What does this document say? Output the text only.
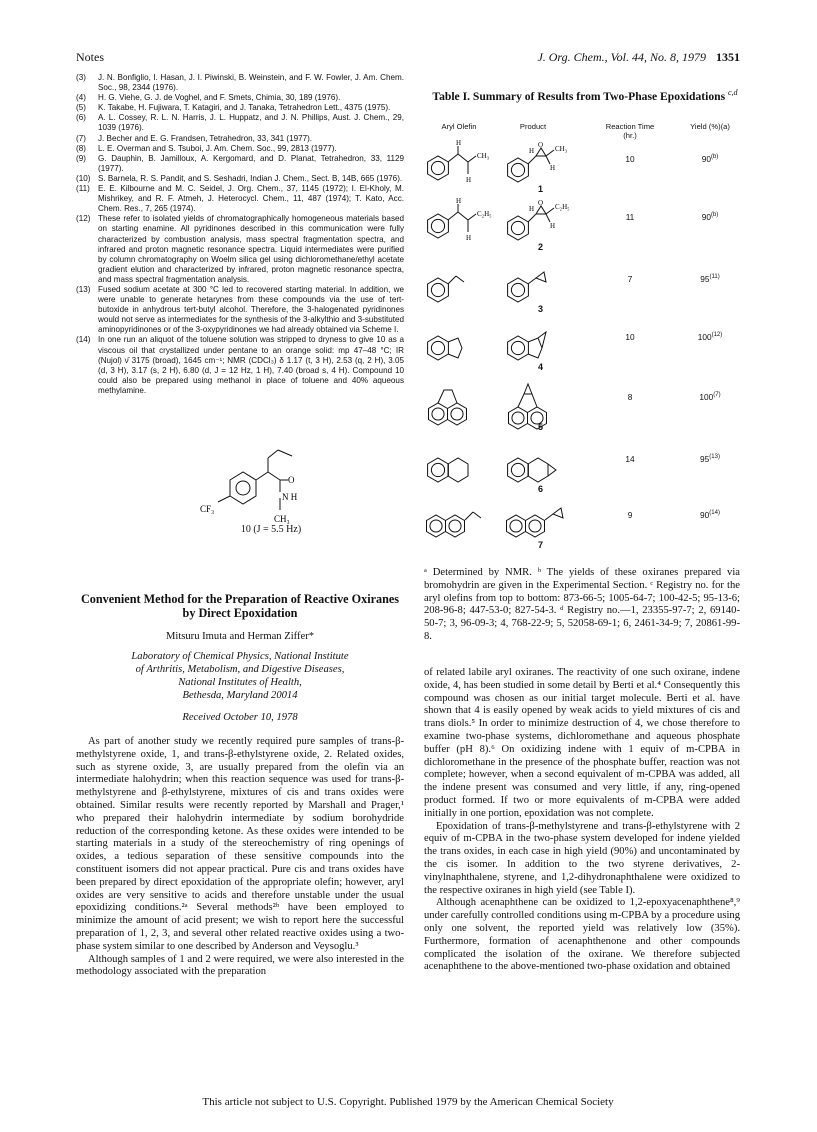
Notes	J. Org. Chem., Vol. 44, No. 8, 1979 1351
(3)	J. N. Bonfiglio, I. Hasan, J. I. Piwinski, B. Weinstein, and F. W. Fowler, J. Am. Chem. Soc., 98, 2344 (1976).
(4)	H. G. Viehe, G. J. de Voghel, and F. Smets, Chimia, 30, 189 (1976).
(5)	K. Takabe, H. Fujiwara, T. Katagiri, and J. Tanaka, Tetrahedron Lett., 4375 (1975).
(6)	A. L. Cossey, R. L. N. Harris, J. L. Huppatz, and J. N. Phillips, Aust. J. Chem., 29, 1039 (1976).
(7)	J. Becher and E. G. Frandsen, Tetrahedron, 33, 341 (1977).
(8)	L. E. Overman and S. Tsuboi, J. Am. Chem. Soc., 99, 2813 (1977).
(9)	G. Dauphin, B. Jamilloux, A. Kergomard, and D. Planat, Tetrahedron, 33, 1129 (1977).
(10) S. Barnela, R. S. Pandit, and S. Seshadri, Indian J. Chem., Sect. B, 14B, 665 (1976).
(11)	E. E. Kilbourne and M. C. Seidel, J. Org. Chem., 37, 1145 (1972); I. El-Kholy, M. Mishrikey, and R. F. Atmeh, J. Heterocycl. Chem., 11, 487 (1974); T. Kato, Acc. Chem. Res., 7, 265 (1974).
(12) These refer to isolated yields of chromatographically homogeneous materials based on starting enamine. All pyridinones described in this communication were fully characterized by combustion analysis, mass spectral fragmentation spectra, and infrared and proton magnetic resonance spectra. Liquid intermediates were purified by column chromatography on Woelm silica gel using dichloromethane/ethyl acetate gradient elution and characterized by infrared, proton magnetic resonance spectra, and mass spectral fragmentation analysis.
(13) Fused sodium acetate at 300 °C led to recovered starting material. In addition, we were unable to generate hetarynes from these compounds via the use of tert-butoxide in anhydrous tert-butyl alcohol. Therefore, the 3-halogenated pyridinones would not serve as intermediates for the synthesis of the 3-alkylthio and 3-substituted aminopyridinones or of the 3-oxypyridinones we had already obtained via Scheme I.
(14) In one run an aliquot of the toluene solution was stripped to dryness to give 10 as a viscous oil that crystallized under pentane to an orange solid: mp 47–48 °C; IR (Nujol) ν̄ 3175 (broad), 1645 cm⁻¹; NMR (CDCl₃) δ 1.17 (t, 3 H), 2.53 (q, 2 H), 3.05 (d, 3 H), 3.17 (s, 2 H), 6.80 (d, J = 12 Hz, 1 H), 7.40 (broad s, 4 H). Compound 10 could also be prepared using methanol in place of toluene and 40% aqueous methylamine.
O
N H
CF₃
CH₃
10 (J = 5.5 Hz)
Convenient Method for the Preparation of Reactive Oxiranes by Direct Epoxidation
Mitsuru Imuta and Herman Ziffer*
Laboratory of Chemical Physics, National Institute
of Arthritis, Metabolism, and Digestive Diseases,
National Institutes of Health,
Bethesda, Maryland 20014
Received October 10, 1978

As part of another study we recently required pure samples of trans-β-methylstyrene oxide, 1, and trans-β-ethylstyrene oxide, 2. Related oxides, such as styrene oxide, 3, are usually prepared from the olefin via an intermediate halohydrin; when this reaction sequence was used for trans-β-methylstyrene and β-ethylstyrene, mixtures of cis and trans oxides were obtained. Similar results were recently reported by Marshall and Prager,¹ who prepared their halohydrin intermediate by sodium borohydride reduction of the corresponding ketone. As these oxides were intended to be starting materials in a study of the stereochemistry of ring openings of oxides, a tedious separation of these sensitive compounds into the constituent isomers did not appear practical. Pure cis and trans oxides have been prepared by direct epoxidation of the appropriate olefin; however, aryl oxides are very sensitive to acids and therefore unstable under the usual epoxidizing conditions.²ᵃ Several methods²ᵇ have been employed to minimize the amount of acid present; we wish to report here the successful preparation of 1, 2, 3, and several other related reactive oxides using a two-phase system similar to one described by Anderson and Veysoglu.³

Although samples of 1 and 2 were required, we were also interested in the methodology associated with the preparation

Table I. Summary of Results from Two-Phase Epoxidations $^{c,d}$
Aryl Olefin	Product	Reaction Time (hr.)
Yield (%)(a)
H
H
CH₃
O CH₃
H
H
1
10	90$^{(b)}$
H
H
C₂H₅
O C₂H₅
H
H
2
11	90$^{(b)}$
3
7	95$^{(11)}$
4
10	100$^{(12)}$
5
8	100$^{(7)}$
6
14	95$^{(13)}$
7
9	90$^{(14)}$
ᵃ Determined by NMR. ᵇ The yields of these oxiranes prepared via bromohydrin are given in the Experimental Section. ᶜ Registry no. for the aryl olefins from top to bottom: 873-66-5; 1005-64-7; 100-42-5; 95-13-6; 208-96-8; 447-53-0; 827-54-3. ᵈ Registry no.—1, 23355-97-7; 2, 69140-50-7; 3, 96-09-3; 4, 768-22-9; 5, 52058-69-1; 6, 2461-34-9; 7, 20861-99-8.

of related labile aryl oxiranes. The reactivity of one such oxirane, indene oxide, 4, has been studied in some detail by Berti et al.⁴ Consequently this compound was chosen as our initial target molecule. Berti et al. have shown that 4 is easily opened by weak acids to yield mixtures of cis and trans diols.⁵ In order to minimize destruction of 4, we chose therefore to examine two-phase systems, dichloromethane and aqueous phosphate buffer (pH 8).⁶ On oxidizing indene with 1 equiv of m-CPBA in dichloromethane in the presence of the phosphate buffer, reaction was not complete; however, when a second equivalent of m-CPBA was added, all the indene present was consumed and very little, if any, ring-opened product formed. If two or more equivalents of m-CPBA were added initially in one portion, epoxidation was not complete.

Epoxidation of trans-β-methylstyrene and trans-β-ethylstyrene with 2 equiv of m-CPBA in the two-phase system developed for indene yielded the trans oxides, in each case in high yield (90%) and uncontaminated by the cis isomer. In addition to the two styrene derivatives, 2-vinylnaphthalene, styrene, and 1,2-dihydronaphthalene were oxidized to the respective oxiranes in high yield (see Table I).

Although acenaphthene can be oxidized to 1,2-epoxyacenaphthene⁸,⁹ under carefully controlled conditions using m-CPBA by a procedure using only one solvent, the reported yield was relatively low (35%). Furthermore, formation of acenaphthenone and other compounds complicated the isolation of the oxirane. We therefore subjected acenaphthene to the above-mentioned two-phase oxidation and obtained

This article not subject to U.S. Copyright. Published 1979 by the American Chemical Society
